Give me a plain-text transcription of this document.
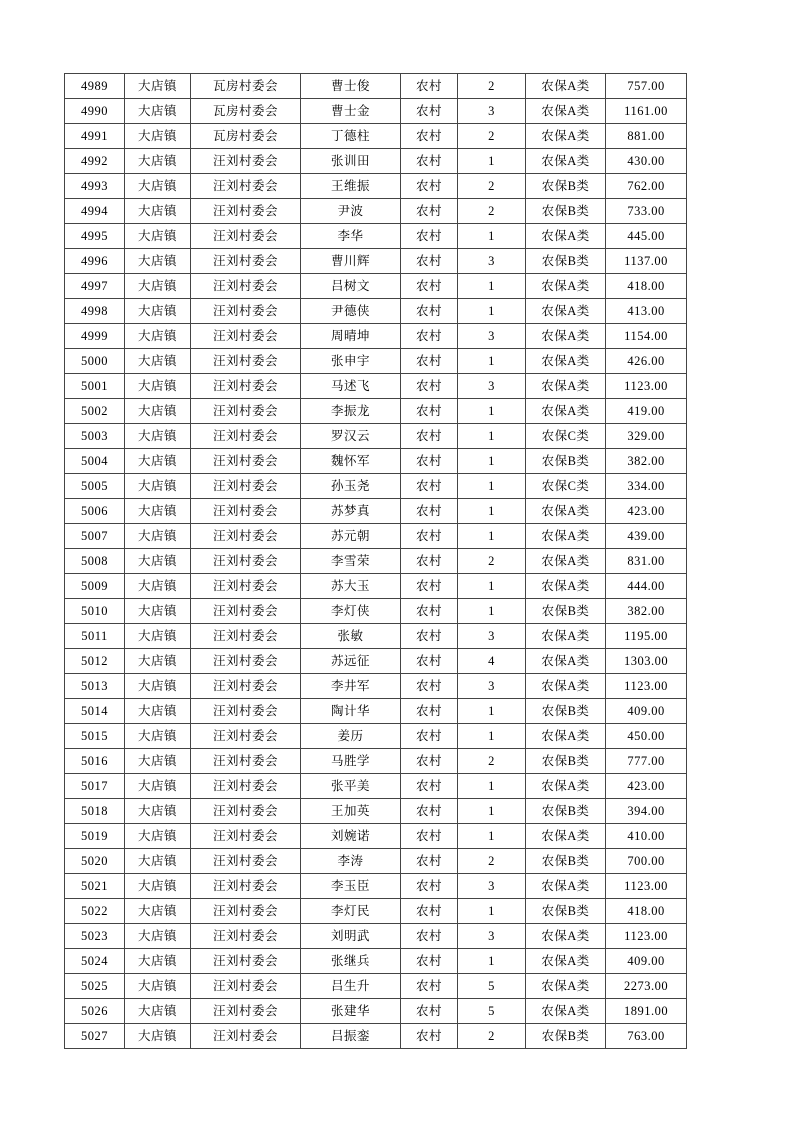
4989	大店镇	瓦房村委会	曹士俊	农村	2	农保A类	757.00
4990	大店镇	瓦房村委会	曹士金	农村	3	农保A类	1161.00
4991	大店镇	瓦房村委会	丁德柱	农村	2	农保A类	881.00
4992	大店镇	汪刘村委会	张训田	农村	1	农保A类	430.00
4993	大店镇	汪刘村委会	王维振	农村	2	农保B类	762.00
4994	大店镇	汪刘村委会	尹波	农村	2	农保B类	733.00
4995	大店镇	汪刘村委会	李华	农村	1	农保A类	445.00
4996	大店镇	汪刘村委会	曹川辉	农村	3	农保B类	1137.00
4997	大店镇	汪刘村委会	吕树文	农村	1	农保A类	418.00
4998	大店镇	汪刘村委会	尹德侠	农村	1	农保A类	413.00
4999	大店镇	汪刘村委会	周晴坤	农村	3	农保A类	1154.00
5000	大店镇	汪刘村委会	张申宇	农村	1	农保A类	426.00
5001	大店镇	汪刘村委会	马述飞	农村	3	农保A类	1123.00
5002	大店镇	汪刘村委会	李振龙	农村	1	农保A类	419.00
5003	大店镇	汪刘村委会	罗汉云	农村	1	农保C类	329.00
5004	大店镇	汪刘村委会	魏怀军	农村	1	农保B类	382.00
5005	大店镇	汪刘村委会	孙玉尧	农村	1	农保C类	334.00
5006	大店镇	汪刘村委会	苏梦真	农村	1	农保A类	423.00
5007	大店镇	汪刘村委会	苏元朝	农村	1	农保A类	439.00
5008	大店镇	汪刘村委会	李雪荣	农村	2	农保A类	831.00
5009	大店镇	汪刘村委会	苏大玉	农村	1	农保A类	444.00
5010	大店镇	汪刘村委会	李灯侠	农村	1	农保B类	382.00
5011	大店镇	汪刘村委会	张敏	农村	3	农保A类	1195.00
5012	大店镇	汪刘村委会	苏远征	农村	4	农保A类	1303.00
5013	大店镇	汪刘村委会	李井军	农村	3	农保A类	1123.00
5014	大店镇	汪刘村委会	陶计华	农村	1	农保B类	409.00
5015	大店镇	汪刘村委会	姜历	农村	1	农保A类	450.00
5016	大店镇	汪刘村委会	马胜学	农村	2	农保B类	777.00
5017	大店镇	汪刘村委会	张平美	农村	1	农保A类	423.00
5018	大店镇	汪刘村委会	王加英	农村	1	农保B类	394.00
5019	大店镇	汪刘村委会	刘婉诺	农村	1	农保A类	410.00
5020	大店镇	汪刘村委会	李涛	农村	2	农保B类	700.00
5021	大店镇	汪刘村委会	李玉臣	农村	3	农保A类	1123.00
5022	大店镇	汪刘村委会	李灯民	农村	1	农保B类	418.00
5023	大店镇	汪刘村委会	刘明武	农村	3	农保A类	1123.00
5024	大店镇	汪刘村委会	张继兵	农村	1	农保A类	409.00
5025	大店镇	汪刘村委会	吕生升	农村	5	农保A类	2273.00
5026	大店镇	汪刘村委会	张建华	农村	5	农保A类	1891.00
5027	大店镇	汪刘村委会	吕振銮	农村	2	农保B类	763.00
